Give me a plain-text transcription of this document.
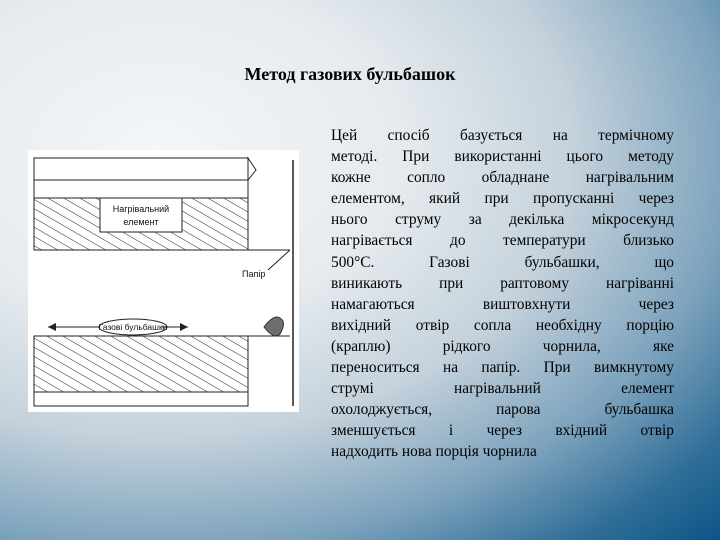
Метод газових бульбашок
Нагрівальний
елемент
Газові бульбашки
Папір
Цей спосіб базується на термічному
методі. При використанні цього методу
кожне сопло обладнане нагрівальним
елементом, який при пропусканні через
нього струму за декілька мікросекунд
нагрівається до температури близько
500°С. Газові бульбашки, що
виникають при раптовому нагріванні
намагаються виштовхнути через
вихідний отвір сопла необхідну порцію
(краплю) рідкого чорнила, яке
переноситься на папір. При вимкнутому
струмі нагрівальний елемент
охолоджується, парова бульбашка
зменшується і через вхідний отвір
надходить нова порція чорнила
